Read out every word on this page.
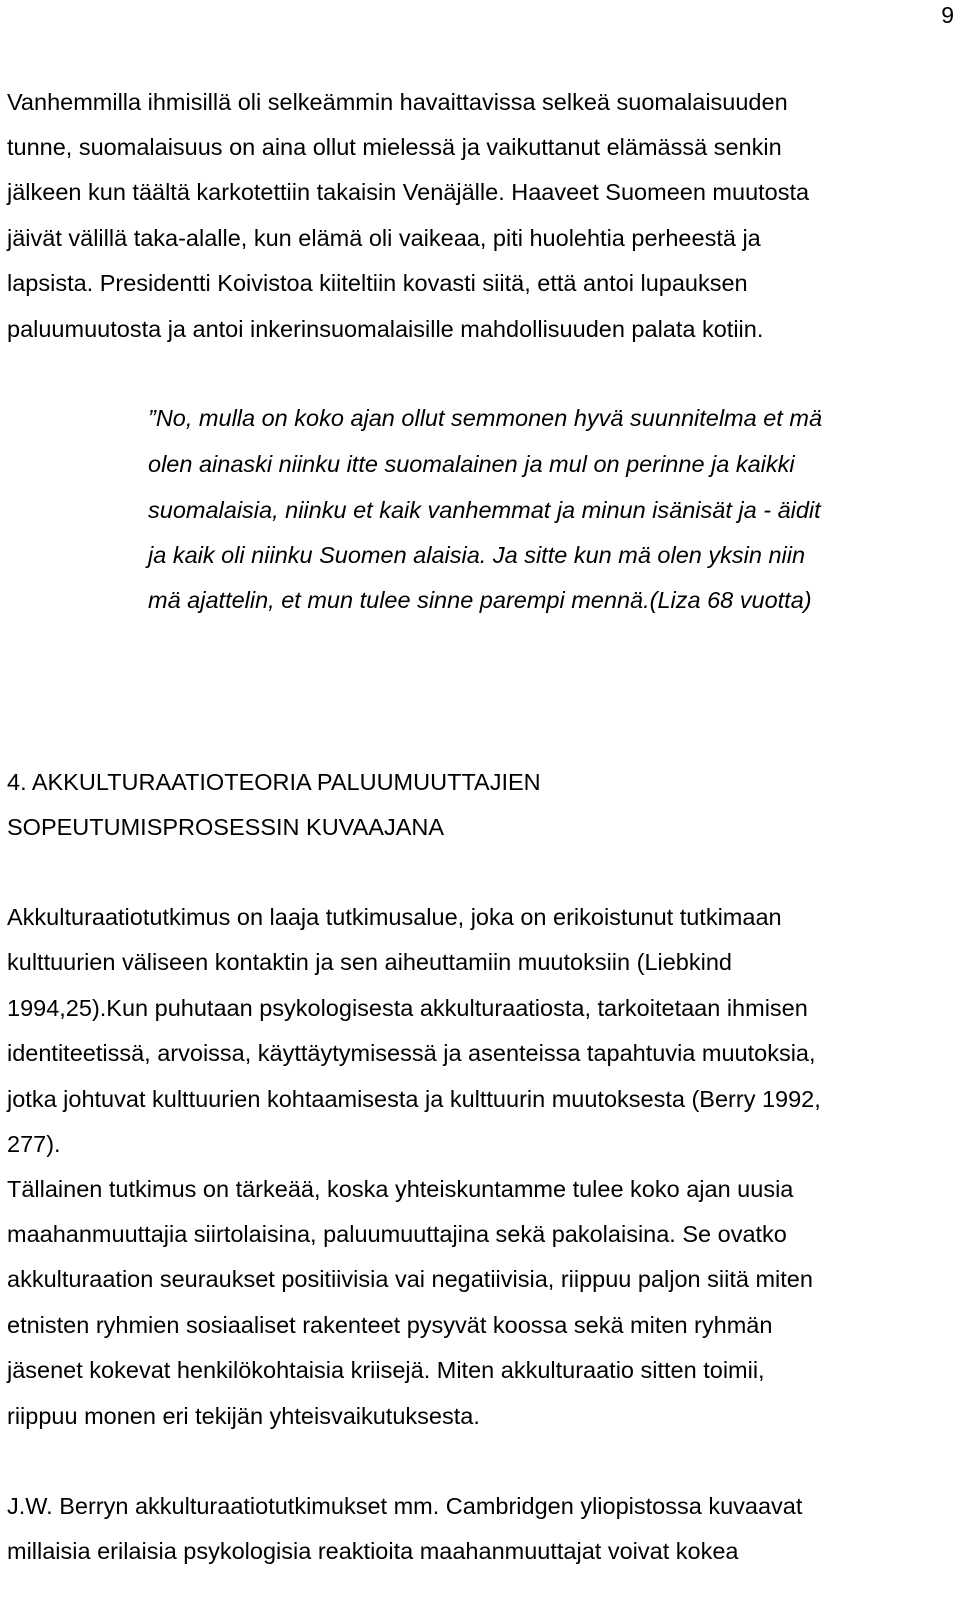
9
Vanhemmilla ihmisillä oli selkeämmin havaittavissa selkeä suomalaisuuden
tunne, suomalaisuus on aina ollut mielessä ja vaikuttanut elämässä senkin
jälkeen kun täältä karkotettiin takaisin Venäjälle. Haaveet Suomeen muutosta
jäivät välillä taka-alalle, kun elämä oli vaikeaa, piti huolehtia perheestä ja
lapsista. Presidentti Koivistoa kiiteltiin kovasti siitä, että antoi lupauksen
paluumuutosta ja antoi inkerinsuomalaisille mahdollisuuden palata kotiin.
”No, mulla on koko ajan ollut semmonen hyvä suunnitelma et mä
olen ainaski niinku itte suomalainen ja mul on perinne ja kaikki
suomalaisia, niinku et kaik vanhemmat ja minun isänisät ja - äidit
ja kaik oli niinku Suomen alaisia. Ja sitte kun mä olen yksin niin
mä ajattelin, et mun tulee sinne parempi mennä.(Liza 68 vuotta)
4. AKKULTURAATIOTEORIA PALUUMUUTTAJIEN
SOPEUTUMISPROSESSIN KUVAAJANA
Akkulturaatiotutkimus on laaja tutkimusalue, joka on erikoistunut tutkimaan
kulttuurien väliseen kontaktin ja sen aiheuttamiin muutoksiin (Liebkind
1994,25).Kun puhutaan psykologisesta akkulturaatiosta, tarkoitetaan ihmisen
identiteetissä, arvoissa, käyttäytymisessä ja asenteissa tapahtuvia muutoksia,
jotka johtuvat kulttuurien kohtaamisesta ja kulttuurin muutoksesta (Berry 1992,
277).
Tällainen tutkimus on tärkeää, koska yhteiskuntamme tulee koko ajan uusia
maahanmuuttajia siirtolaisina, paluumuuttajina sekä pakolaisina. Se ovatko
akkulturaation seuraukset positiivisia vai negatiivisia, riippuu paljon siitä miten
etnisten ryhmien sosiaaliset rakenteet pysyvät koossa sekä miten ryhmän
jäsenet kokevat henkilökohtaisia kriisejä. Miten akkulturaatio sitten toimii,
riippuu monen eri tekijän yhteisvaikutuksesta.
J.W. Berryn akkulturaatiotutkimukset mm. Cambridgen yliopistossa kuvaavat
millaisia erilaisia psykologisia reaktioita maahanmuuttajat voivat kokea
